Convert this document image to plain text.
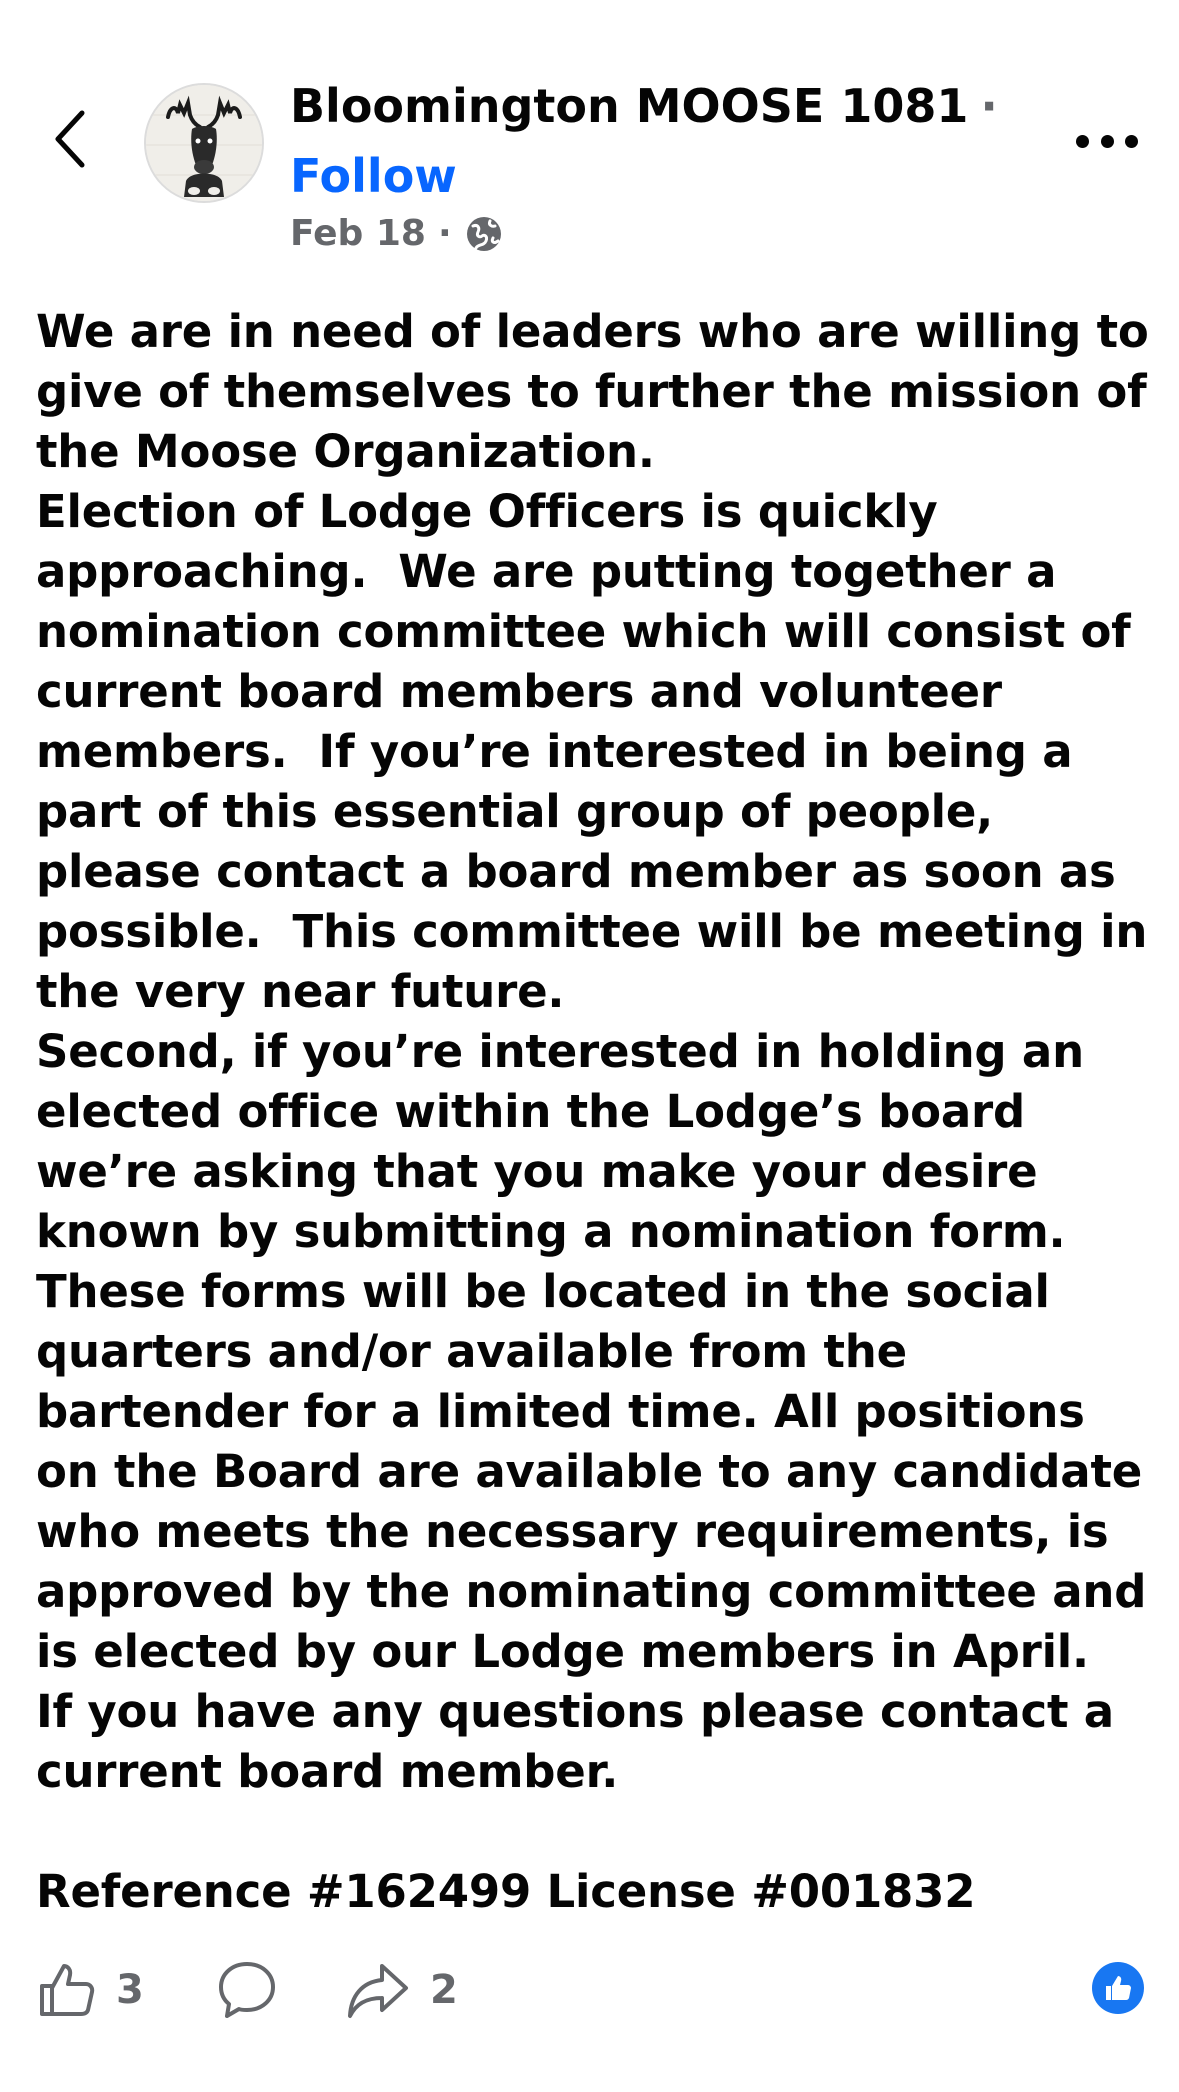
Bloomington MOOSE 1081 ·
Follow
Feb 18 ·
We are in need of leaders who are willing to give of themselves to further the mission of the Moose Organization.
Election of Lodge Officers is quickly approaching.  We are putting together a nomination committee which will consist of current board members and volunteer members.  If you’re interested in being a part of this essential group of people, please contact a board member as soon as possible.  This committee will be meeting in the very near future.
Second, if you’re interested in holding an elected office within the Lodge’s board we’re asking that you make your desire known by submitting a nomination form.  These forms will be located in the social quarters and/or available from the bartender for a limited time. All positions on the Board are available to any candidate who meets the necessary requirements, is approved by the nominating committee and is elected by our Lodge members in April.
If you have any questions please contact a current board member.

Reference #162499 License #001832
3	2
